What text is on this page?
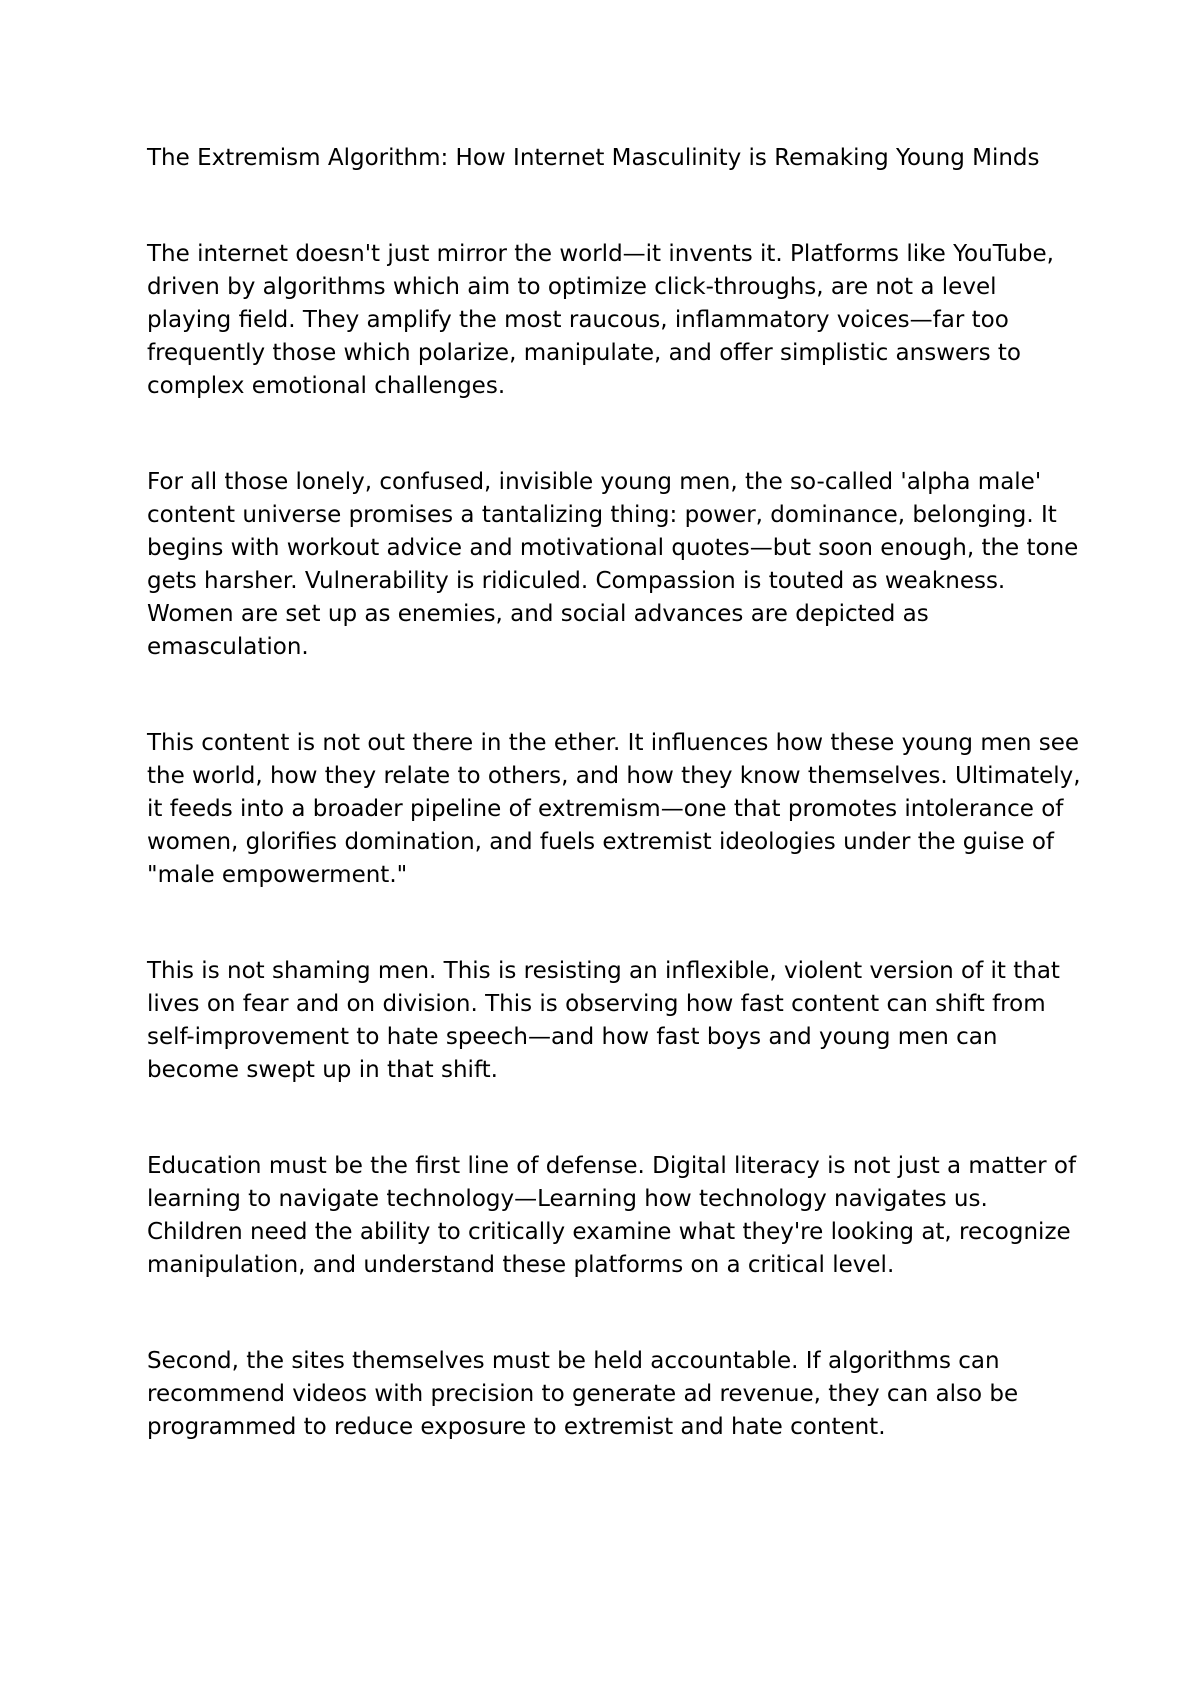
The Extremism Algorithm: How Internet Masculinity is Remaking Young Minds

The internet doesn't just mirror the world—it invents it. Platforms like YouTube, driven by algorithms which aim to optimize click-throughs, are not a level playing field. They amplify the most raucous, inflammatory voices—far too frequently those which polarize, manipulate, and offer simplistic answers to complex emotional challenges.

For all those lonely, confused, invisible young men, the so-called 'alpha male' content universe promises a tantalizing thing: power, dominance, belonging. It begins with workout advice and motivational quotes—but soon enough, the tone gets harsher. Vulnerability is ridiculed. Compassion is touted as weakness. Women are set up as enemies, and social advances are depicted as emasculation.

This content is not out there in the ether. It influences how these young men see the world, how they relate to others, and how they know themselves. Ultimately, it feeds into a broader pipeline of extremism—one that promotes intolerance of women, glorifies domination, and fuels extremist ideologies under the guise of "male empowerment."

This is not shaming men. This is resisting an inflexible, violent version of it that lives on fear and on division. This is observing how fast content can shift from self-improvement to hate speech—and how fast boys and young men can become swept up in that shift.

Education must be the first line of defense. Digital literacy is not just a matter of learning to navigate technology—Learning how technology navigates us. Children need the ability to critically examine what they're looking at, recognize manipulation, and understand these platforms on a critical level.

Second, the sites themselves must be held accountable. If algorithms can recommend videos with precision to generate ad revenue, they can also be programmed to reduce exposure to extremist and hate content.
